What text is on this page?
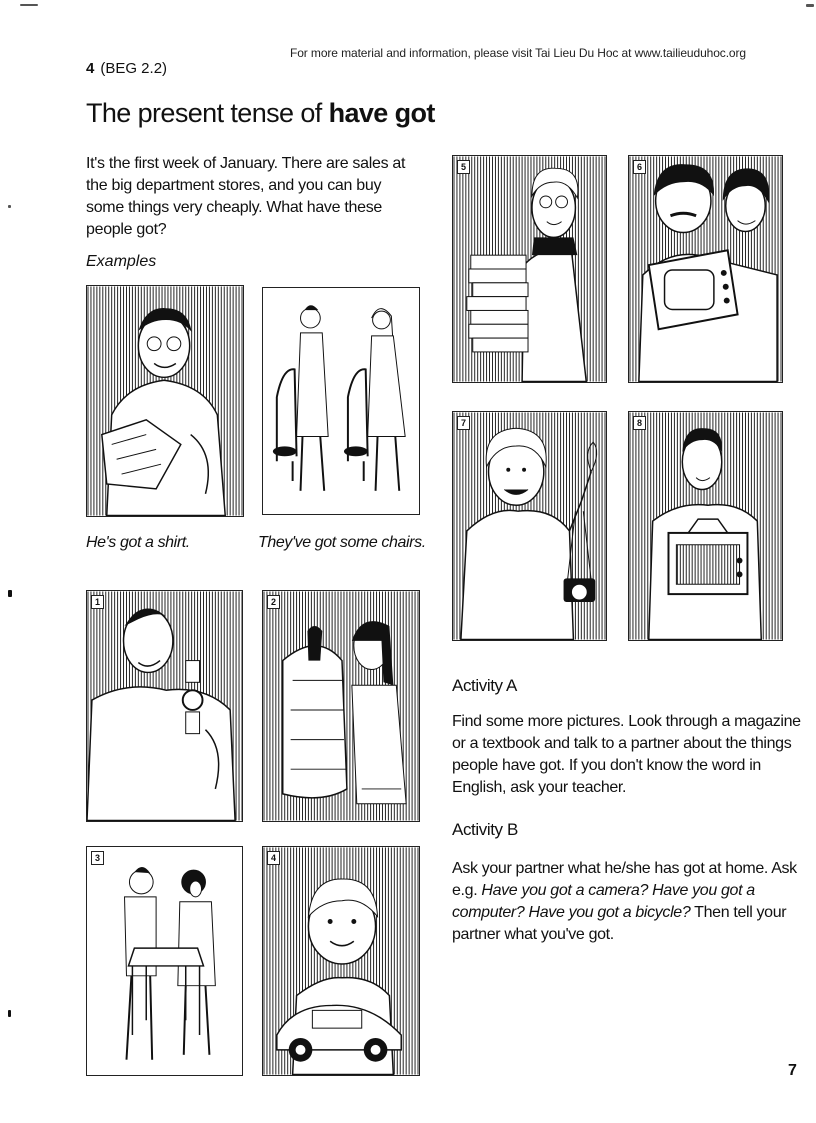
For more material and information, please visit Tai Lieu Du Hoc at www.tailieuduhoc.org
4 (BEG 2.2)
The present tense of have got
It's the first week of January. There are sales at the big department stores, and you can buy some things very cheaply. What have these people got?
Examples
He's got a shirt.	They've got some chairs.
1	2
3	4
5	6
7	8
Activity A
Find some more pictures. Look through a magazine or a textbook and talk to a partner about the things people have got. If you don't know the word in English, ask your teacher.
Activity B
Ask your partner what he/she has got at home. Ask e.g. Have you got a camera? Have you got a computer? Have you got a bicycle? Then tell your partner what you've got.
7
